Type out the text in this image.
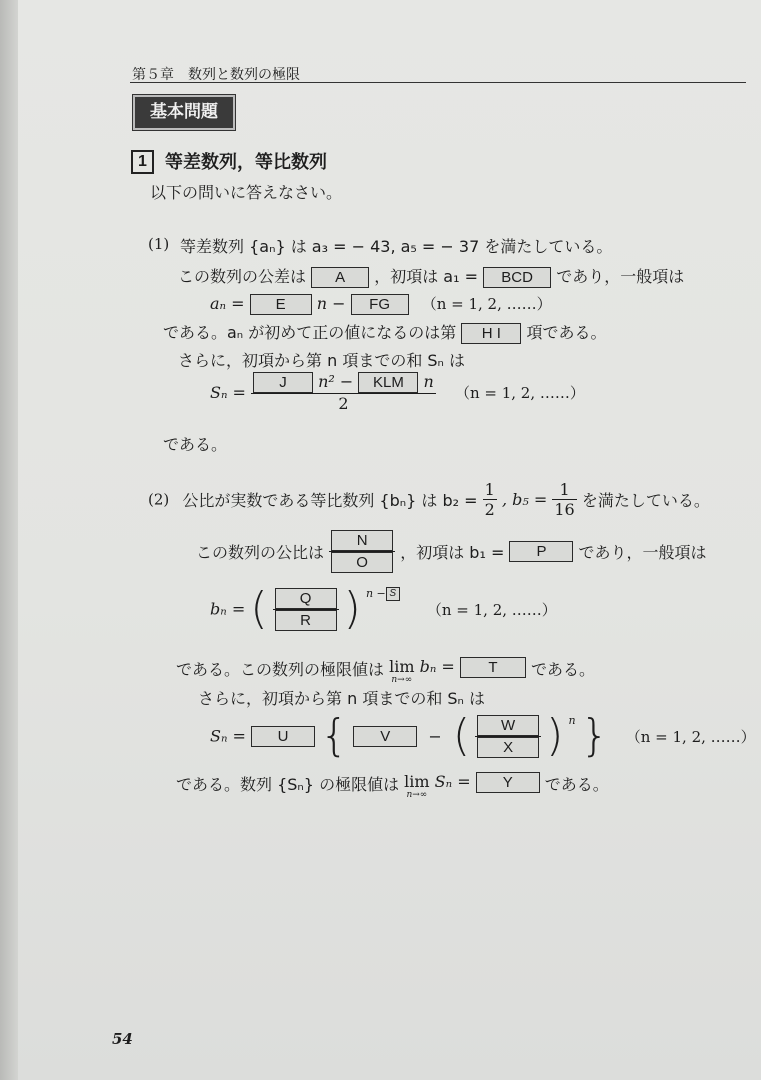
第５章　数列と数列の極限
基本問題
1	等差数列，等比数列
以下の問いに答えなさい。
(1) 等差数列 {aₙ} は a₃ = − 43, a₅ = − 37 を満たしている。
この数列の公差は A ，初項は a₁ = BCD であり，一般項は
aₙ = E n − FG （n = 1, 2, ……）
である。aₙ が初めて正の値になるのは第 H I 項である。
さらに，初項から第 n 項までの和 Sₙ は
$S_n = \frac{\text{J n² − KLM n}}{2} (n = 1$, 2, ……）
である。
(2) 公比が実数である等比数列 {bₙ} は $b_2 = \frac{1}{2}$ , $b_5 = \frac{1}{16}$ を満たしている。
この数列の公比は $\frac{N}{O}$ ，初項は b₁ = P であり，一般項は
bₙ = ( $\frac{Q}{R}$ ) $^{n - S}$ （n = 1, 2, ……）
である。この数列の極限値は lim
n→∞
bₙ = T である。
さらに，初項から第 n 項までの和 Sₙ は
Sₙ = U { V − ( $\frac{W}{X}$ ) $^n$ } （n = 1, 2, ……）
である。数列 {Sₙ} の極限値は lim
n→∞
Sₙ = Y である。
54
